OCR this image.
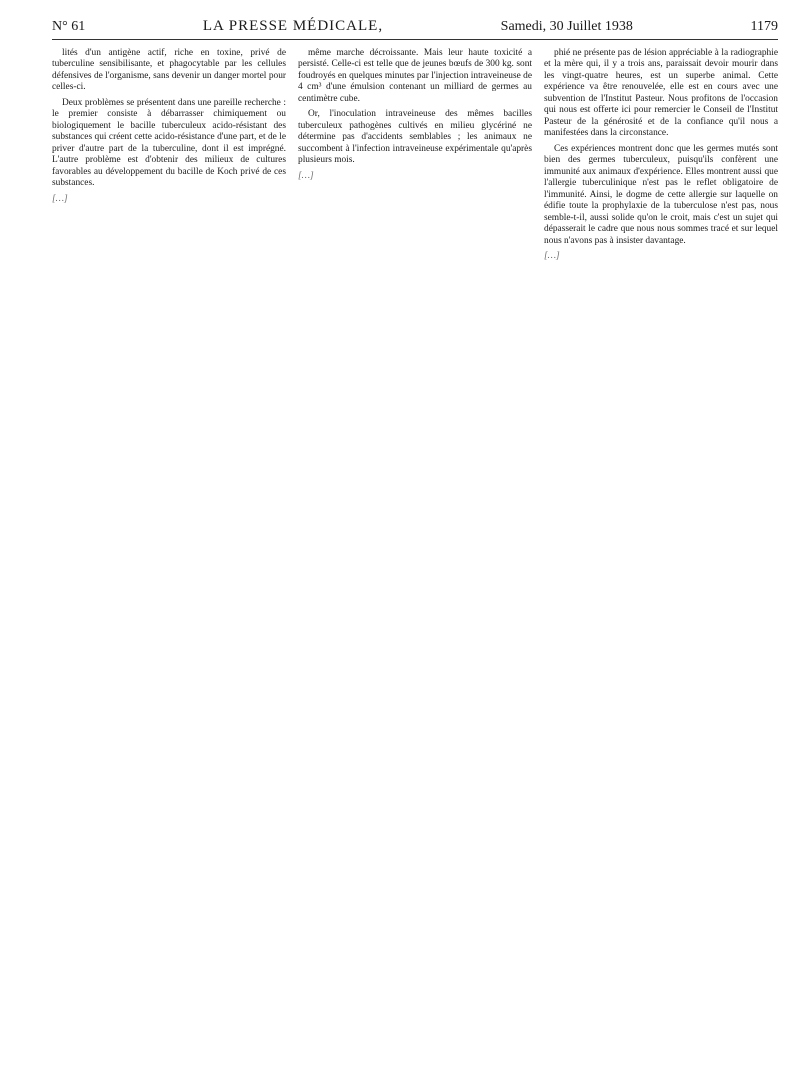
N° 61	LA PRESSE MÉDICALE,	Samedi, 30 Juillet 1938	1179

lités d'un antigène actif, riche en toxine, privé de tuberculine sensibilisante, et phagocytable par les cellules défensives de l'organisme, sans devenir un danger mortel pour celles-ci.

Deux problèmes se présentent dans une pareille recherche : le premier consiste à débarrasser chimiquement ou biologiquement le bacille tuberculeux acido-résistant des substances qui créent cette acido-résistance d'une part, et de le priver d'autre part de la tuberculine, dont il est imprégné. L'autre problème est d'obtenir des milieux de cultures favorables au développement du bacille de Koch privé de ces substances.

[…]

même marche décroissante. Mais leur haute toxicité a persisté. Celle-ci est telle que de jeunes bœufs de 300 kg. sont foudroyés en quelques minutes par l'injection intraveineuse de 4 cm³ d'une émulsion contenant un milliard de germes au centimètre cube.

Or, l'inoculation intraveineuse des mêmes bacilles tuberculeux pathogènes cultivés en milieu glycériné ne détermine pas d'accidents semblables ; les animaux ne succombent à l'infection intraveineuse expérimentale qu'après plusieurs mois.

[…]

phié ne présente pas de lésion appréciable à la radiographie et la mère qui, il y a trois ans, paraissait devoir mourir dans les vingt-quatre heures, est un superbe animal. Cette expérience va être renouvelée, elle est en cours avec une subvention de l'Institut Pasteur. Nous profitons de l'occasion qui nous est offerte ici pour remercier le Conseil de l'Institut Pasteur de la générosité et de la confiance qu'il nous a manifestées dans la circonstance.

Ces expériences montrent donc que les germes mutés sont bien des germes tuberculeux, puisqu'ils confèrent une immunité aux animaux d'expérience. Elles montrent aussi que l'allergie tuberculinique n'est pas le reflet obligatoire de l'immunité. Ainsi, le dogme de cette allergie sur laquelle on édifie toute la prophylaxie de la tuberculose n'est pas, nous semble-t-il, aussi solide qu'on le croit, mais c'est un sujet qui dépasserait le cadre que nous nous sommes tracé et sur lequel nous n'avons pas à insister davantage.

[…]
